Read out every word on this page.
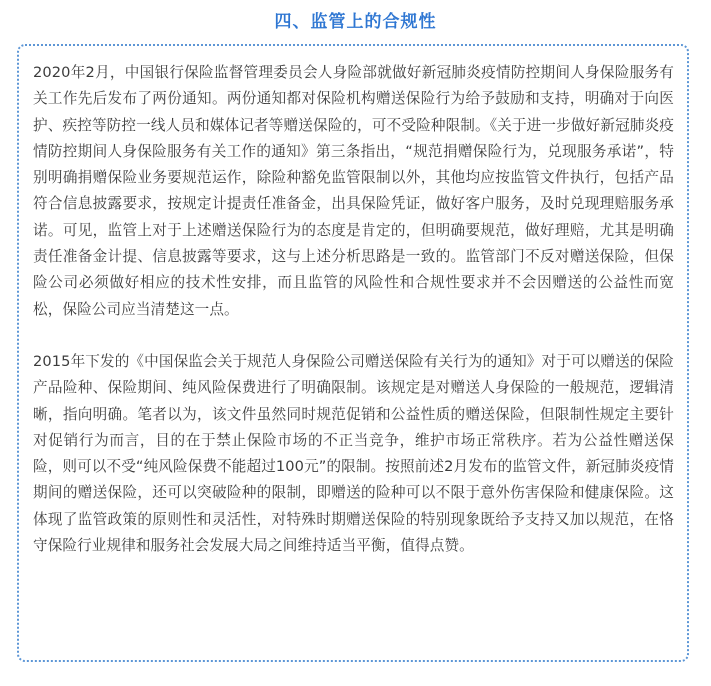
四、监管上的合规性

2020年2月，中国银行保险监督管理委员会人身险部就做好新冠肺炎疫情防控期间人身保险服务有关工作先后发布了两份通知。两份通知都对保险机构赠送保险行为给予鼓励和支持，明确对于向医护、疾控等防控一线人员和媒体记者等赠送保险的，可不受险种限制。《关于进一步做好新冠肺炎疫情防控期间人身保险服务有关工作的通知》第三条指出，“规范捐赠保险行为，兑现服务承诺”，特别明确捐赠保险业务要规范运作，除险种豁免监管限制以外，其他均应按监管文件执行，包括产品符合信息披露要求，按规定计提责任准备金，出具保险凭证，做好客户服务，及时兑现理赔服务承诺。可见，监管上对于上述赠送保险行为的态度是肯定的，但明确要规范，做好理赔，尤其是明确责任准备金计提、信息披露等要求，这与上述分析思路是一致的。监管部门不反对赠送保险，但保险公司必须做好相应的技术性安排，而且监管的风险性和合规性要求并不会因赠送的公益性而宽松，保险公司应当清楚这一点。

2015年下发的《中国保监会关于规范人身保险公司赠送保险有关行为的通知》对于可以赠送的保险产品险种、保险期间、纯风险保费进行了明确限制。该规定是对赠送人身保险的一般规范，逻辑清晰，指向明确。笔者以为，该文件虽然同时规范促销和公益性质的赠送保险，但限制性规定主要针对促销行为而言，目的在于禁止保险市场的不正当竞争，维护市场正常秩序。若为公益性赠送保险，则可以不受“纯风险保费不能超过100元”的限制。按照前述2月发布的监管文件，新冠肺炎疫情期间的赠送保险，还可以突破险种的限制，即赠送的险种可以不限于意外伤害保险和健康保险。这体现了监管政策的原则性和灵活性，对特殊时期赠送保险的特别现象既给予支持又加以规范，在恪守保险行业规律和服务社会发展大局之间维持适当平衡，值得点赞。
